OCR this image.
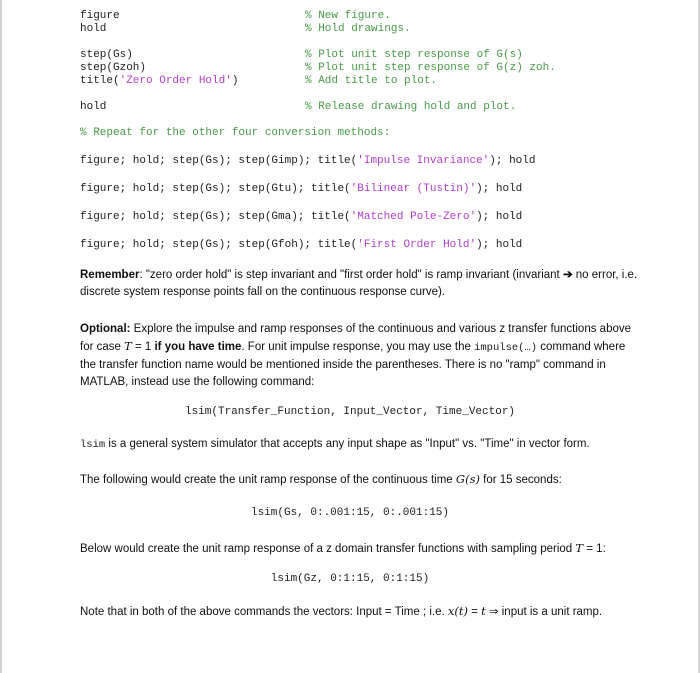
figure
hold
% New figure.
% Hold drawings.
step(Gs)
step(Gzoh)
title('Zero Order Hold')
% Plot unit step response of G(s)
% Plot unit step response of G(z) zoh.
% Add title to plot.
hold	% Release drawing hold and plot.
% Repeat for the other four conversion methods:
figure; hold; step(Gs); step(Gimp); title('Impulse Invariance'); hold
figure; hold; step(Gs); step(Gtu); title('Bilinear (Tustin)'); hold
figure; hold; step(Gs); step(Gma); title('Matched Pole-Zero'); hold
figure; hold; step(Gs); step(Gfoh); title('First Order Hold'); hold
Remember: "zero order hold" is step invariant and "first order hold" is ramp invariant (invariant ➔ no error, i.e. discrete system response points fall on the continuous response curve).
Optional: Explore the impulse and ramp responses of the continuous and various z transfer functions above for case T = 1 if you have time. For unit impulse response, you may use the impulse(…) command where the transfer function name would be mentioned inside the parentheses. There is no "ramp" command in MATLAB, instead use the following command:
lsim(Transfer_Function, Input_Vector, Time_Vector)
lsim is a general system simulator that accepts any input shape as "Input" vs. "Time" in vector form.
The following would create the unit ramp response of the continuous time G(s) for 15 seconds:
lsim(Gs, 0:.001:15, 0:.001:15)
Below would create the unit ramp response of a z domain transfer functions with sampling period T = 1:
lsim(Gz, 0:1:15, 0:1:15)
Note that in both of the above commands the vectors: Input = Time ; i.e. x(t) = t ⇒ input is a unit ramp.
